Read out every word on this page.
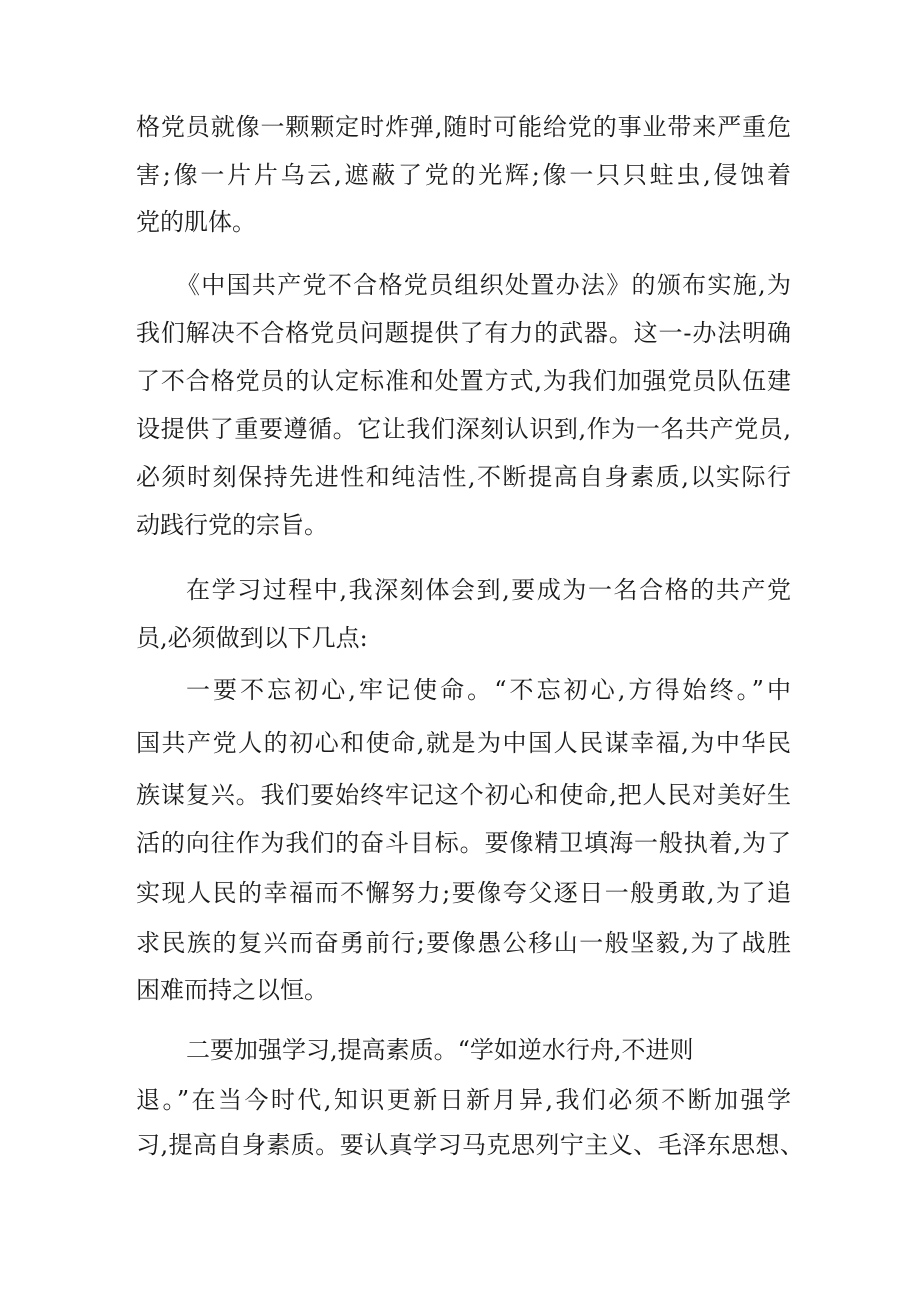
格党员就像一颗颗定时炸弹,随时可能给党的事业带来严重危
害;像一片片乌云,遮蔽了党的光辉;像一只只蛀虫,侵蚀着
党的肌体。
《中国共产党不合格党员组织处置办法》的颁布实施,为
我们解决不合格党员问题提供了有力的武器。这一-办法明确
了不合格党员的认定标准和处置方式,为我们加强党员队伍建
设提供了重要遵循。它让我们深刻认识到,作为一名共产党员,
必须时刻保持先进性和纯洁性,不断提高自身素质,以实际行
动践行党的宗旨。
在学习过程中,我深刻体会到,要成为一名合格的共产党
员,必须做到以下几点:
一要不忘初心,牢记使命。“不忘初心,方得始终。”中
国共产党人的初心和使命,就是为中国人民谋幸福,为中华民
族谋复兴。我们要始终牢记这个初心和使命,把人民对美好生
活的向往作为我们的奋斗目标。要像精卫填海一般执着,为了
实现人民的幸福而不懈努力;要像夸父逐日一般勇敢,为了追
求民族的复兴而奋勇前行;要像愚公移山一般坚毅,为了战胜
困难而持之以恒。
二要加强学习,提高素质。“学如逆水行舟,不进则
退。”在当今时代,知识更新日新月异,我们必须不断加强学
习,提高自身素质。要认真学习马克思列宁主义、毛泽东思想、
